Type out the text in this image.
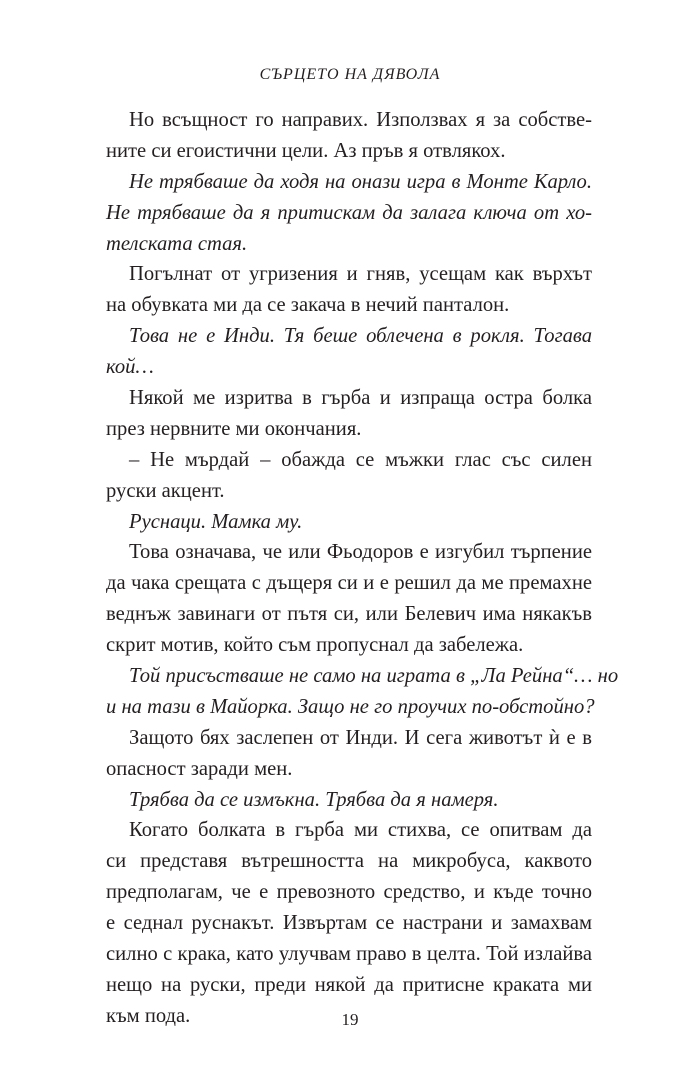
СЪРЦЕТО НА ДЯВОЛА
Но всъщност го направих. Използвах я за собстве-
ните си егоистични цели. Аз пръв я отвлякох.
Не трябваше да ходя на онази игра в Монте Карло.
Не трябваше да я притискам да залага ключа от хо-
телската стая.
Погълнат от угризения и гняв, усещам как върхът
на обувката ми да се закача в нечий панталон.
Това не е Инди. Тя беше облечена в рокля. Тогава
кой…
Някой ме изритва в гърба и изпраща остра болка
през нервните ми окончания.
– Не мърдай – обажда се мъжки глас със силен
руски акцент.
Руснаци. Мамка му.
Това означава, че или Фьодоров е изгубил търпение
да чака срещата с дъщеря си и е решил да ме премахне
веднъж завинаги от пътя си, или Белевич има някакъв
скрит мотив, който съм пропуснал да забележа.
Той присъстваше не само на играта в „Ла Рейна“… но
и на тази в Майорка. Защо не го проучих по-обстойно?
Защото бях заслепен от Инди. И сега животът ѝ е в
опасност заради мен.
Трябва да се измъкна. Трябва да я намеря.
Когато болката в гърба ми стихва, се опитвам да
си представя вътрешността на микробуса, каквото
предполагам, че е превозното средство, и къде точно
е седнал руснакът. Извъртам се настрани и замахвам
силно с крака, като улучвам право в целта. Той излайва
нещо на руски, преди някой да притисне краката ми
към пода.	19
